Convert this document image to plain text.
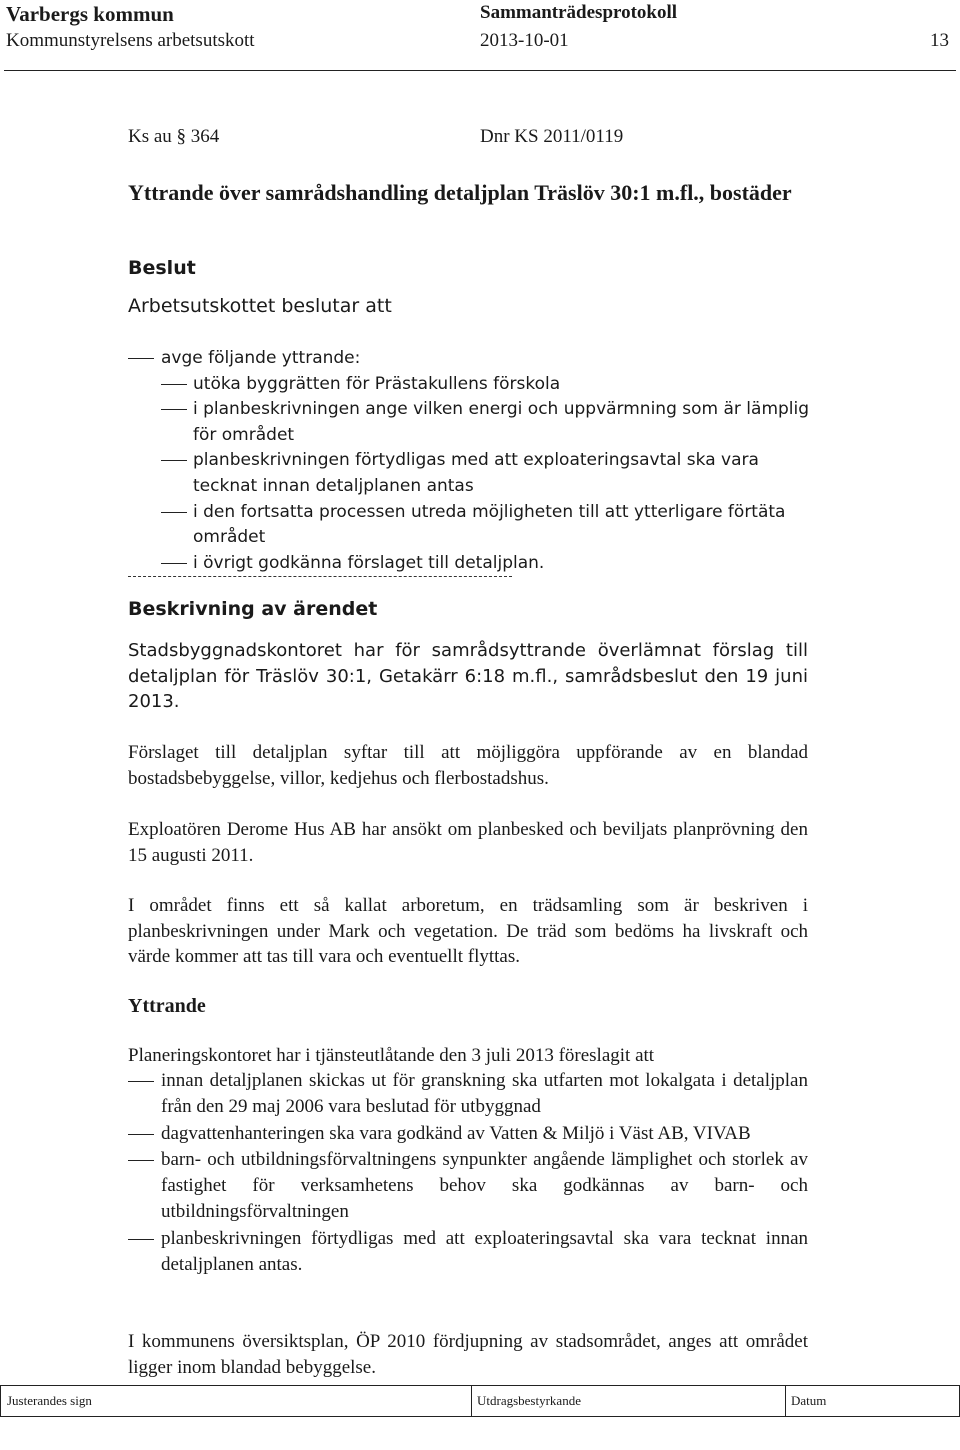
Varbergs kommun	Sammanträdesprotokoll
Kommunstyrelsens arbetsutskott	2013-10-01	13
Ks au § 364	Dnr KS 2011/0119
Yttrande över samrådshandling detaljplan Träslöv 30:1 m.fl., bostäder
Beslut
Arbetsutskottet beslutar att
avge följande yttrande:
utöka byggrätten för Prästakullens förskola
i planbeskrivningen ange vilken energi och uppvärmning som är lämplig för området
planbeskrivningen förtydligas med att exploateringsavtal ska vara tecknat innan detaljplanen antas
i den fortsatta processen utreda möjligheten till att ytterligare förtäta området
i övrigt godkänna förslaget till detaljplan.
Beskrivning av ärendet
Stadsbyggnadskontoret har för samrådsyttrande överlämnat förslag till detaljplan för Träslöv 30:1, Getakärr 6:18 m.fl., samrådsbeslut den 19 juni 2013.
Förslaget till detaljplan syftar till att möjliggöra uppförande av en blandad bostadsbebyggelse, villor, kedjehus och flerbostadshus.
Exploatören Derome Hus AB har ansökt om planbesked och beviljats planprövning den 15 augusti 2011.
I området finns ett så kallat arboretum, en trädsamling som är beskriven i planbeskrivningen under Mark och vegetation. De träd som bedöms ha livskraft och värde kommer att tas till vara och eventuellt flyttas.
Yttrande
Planeringskontoret har i tjänsteutlåtande den 3 juli 2013 föreslagit att
innan detaljplanen skickas ut för granskning ska utfarten mot lokalgata i detaljplan från den 29 maj 2006 vara beslutad för utbyggnad
dagvattenhanteringen ska vara godkänd av Vatten & Miljö i Väst AB, VIVAB
barn- och utbildningsförvaltningens synpunkter angående lämplighet och storlek av fastighet för verksamhetens behov ska godkännas av barn- och utbildningsförvaltningen
planbeskrivningen förtydligas med att exploateringsavtal ska vara tecknat innan detaljplanen antas.
I kommunens översiktsplan, ÖP 2010 fördjupning av stadsområdet, anges att området ligger inom blandad bebyggelse.
Justerandes sign	Utdragsbestyrkande	Datum
